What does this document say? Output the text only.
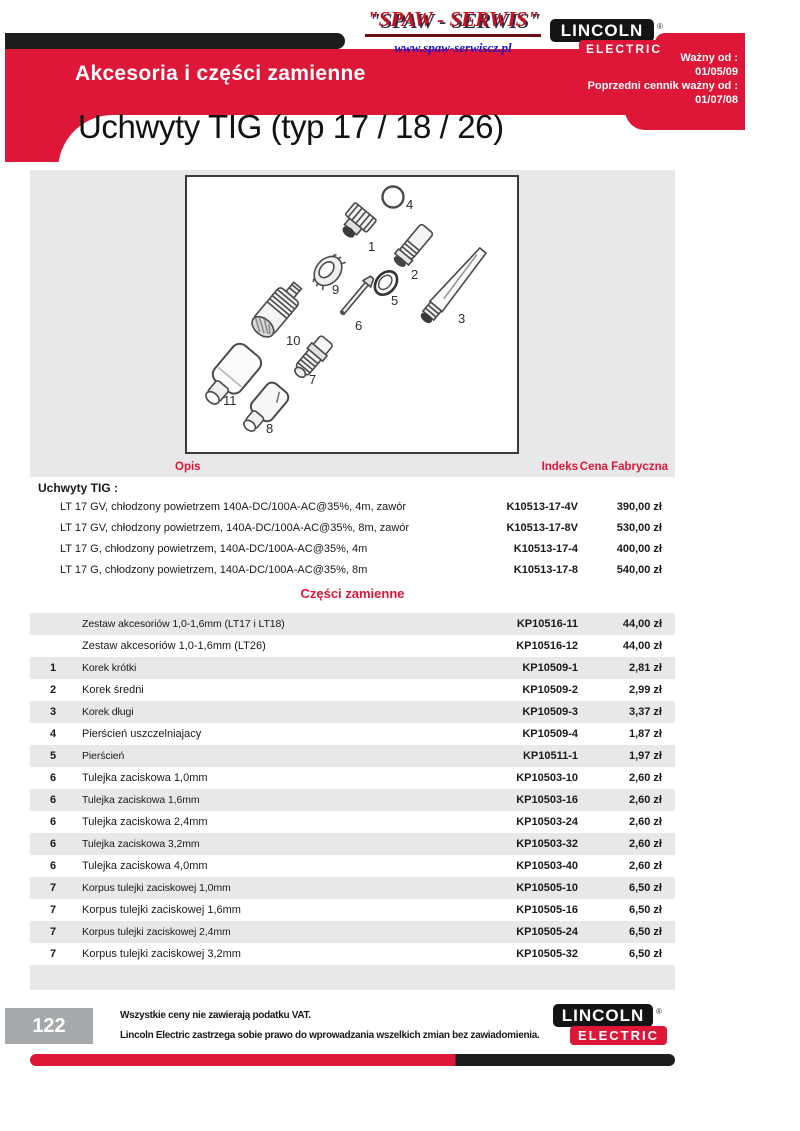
"SPAW - SERWIS"
www.spaw-serwiscz.pl
LINCOLN	®
ELECTRIC
Ważny od :
01/05/09
Poprzedni cennik ważny od :
01/07/08
Akcesoria i części zamienne
Uchwyty TIG (typ 17 / 18 / 26)
1
2
3
4
5
6
7
8
9
10
11
Opis	Indeks Cena Fabryczna
Uchwyty TIG :
LT 17 GV, chłodzony powietrzem 140A-DC/100A-AC@35%, 4m, zawór	K10513-17-4V	390,00 zł
LT 17 GV, chłodzony powietrzem, 140A-DC/100A-AC@35%, 8m, zawór	K10513-17-8V	530,00 zł
LT 17 G, chłodzony powietrzem, 140A-DC/100A-AC@35%, 4m	K10513-17-4	400,00 zł
LT 17 G, chłodzony powietrzem, 140A-DC/100A-AC@35%, 8m	K10513-17-8	540,00 zł
Części zamienne
Zestaw akcesoriów 1,0-1,6mm (LT17 i LT18)	KP10516-11	44,00 zł
Zestaw akcesoriów 1,0-1,6mm (LT26)	KP10516-12	44,00 zł
1	Korek krótki	KP10509-1	2,81 zł
2	Korek średni	KP10509-2	2,99 zł
3	Korek długi	KP10509-3	3,37 zł
4	Pierścień uszczelniajacy	KP10509-4	1,87 zł
5	Pierścień	KP10511-1	1,97 zł
6	Tulejka zaciskowa 1,0mm	KP10503-10	2,60 zł
6	Tulejka zaciskowa 1,6mm	KP10503-16	2,60 zł
6	Tulejka zaciskowa 2,4mm	KP10503-24	2,60 zł
6	Tulejka zaciskowa 3,2mm	KP10503-32	2,60 zł
6	Tulejka zaciskowa 4,0mm	KP10503-40	2,60 zł
7	Korpus tulejki zaciskowej 1,0mm	KP10505-10	6,50 zł
7	Korpus tulejki zaciskowej 1,6mm	KP10505-16	6,50 zł
7	Korpus tulejki zaciskowej 2,4mm	KP10505-24	6,50 zł
7	Korpus tulejki zaciskowej 3,2mm	KP10505-32	6,50 zł
122	Wszystkie ceny nie zawierają podatku VAT.
Lincoln Electric zastrzega sobie prawo do wprowadzania wszelkich zmian bez zawiadomienia.
LINCOLN	®
ELECTRIC
